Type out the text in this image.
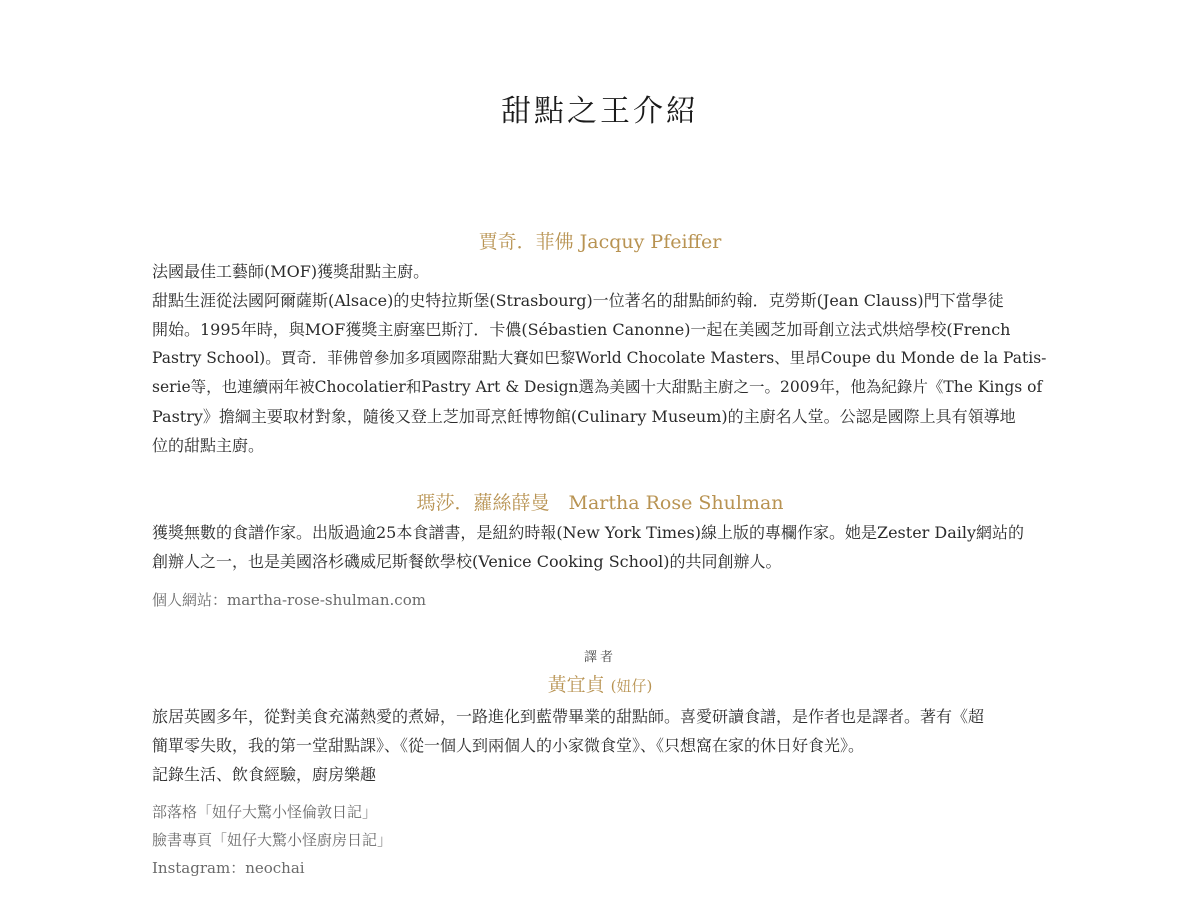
甜點之王介紹
賈奇．菲佛 Jacquy Pfeiffer

法國最佳工藝師(MOF)獲獎甜點主廚。
甜點生涯從法國阿爾薩斯(Alsace)的史特拉斯堡(Strasbourg)一位著名的甜點師約翰．克勞斯(Jean Clauss)門下當學徒
開始。1995年時，與MOF獲獎主廚塞巴斯汀．卡儂(Sébastien Canonne)一起在美國芝加哥創立法式烘焙學校(French
Pastry School)。賈奇．菲佛曾參加多項國際甜點大賽如巴黎World Chocolate Masters、里昂Coupe du Monde de la Patis-
serie等，也連續兩年被Chocolatier和Pastry Art & Design選為美國十大甜點主廚之一。2009年，他為紀錄片《The Kings of
Pastry》擔綱主要取材對象，隨後又登上芝加哥烹飪博物館(Culinary Museum)的主廚名人堂。公認是國際上具有領導地
位的甜點主廚。

瑪莎．蘿絲薛曼　Martha Rose Shulman

獲獎無數的食譜作家。出版過逾25本食譜書，是紐約時報(New York Times)線上版的專欄作家。她是Zester Daily網站的
創辦人之一，也是美國洛杉磯威尼斯餐飲學校(Venice Cooking School)的共同創辦人。

個人網站：martha-rose-shulman.com

譯者

黃宜貞 (妞仔)

旅居英國多年，從對美食充滿熱愛的煮婦，一路進化到藍帶畢業的甜點師。喜愛研讀食譜，是作者也是譯者。著有《超
簡單零失敗，我的第一堂甜點課》、《從一個人到兩個人的小家微食堂》、《只想窩在家的休日好食光》。
記錄生活、飲食經驗，廚房樂趣

部落格「妞仔大驚小怪倫敦日記」

臉書專頁「妞仔大驚小怪廚房日記」

Instagram：neochai
